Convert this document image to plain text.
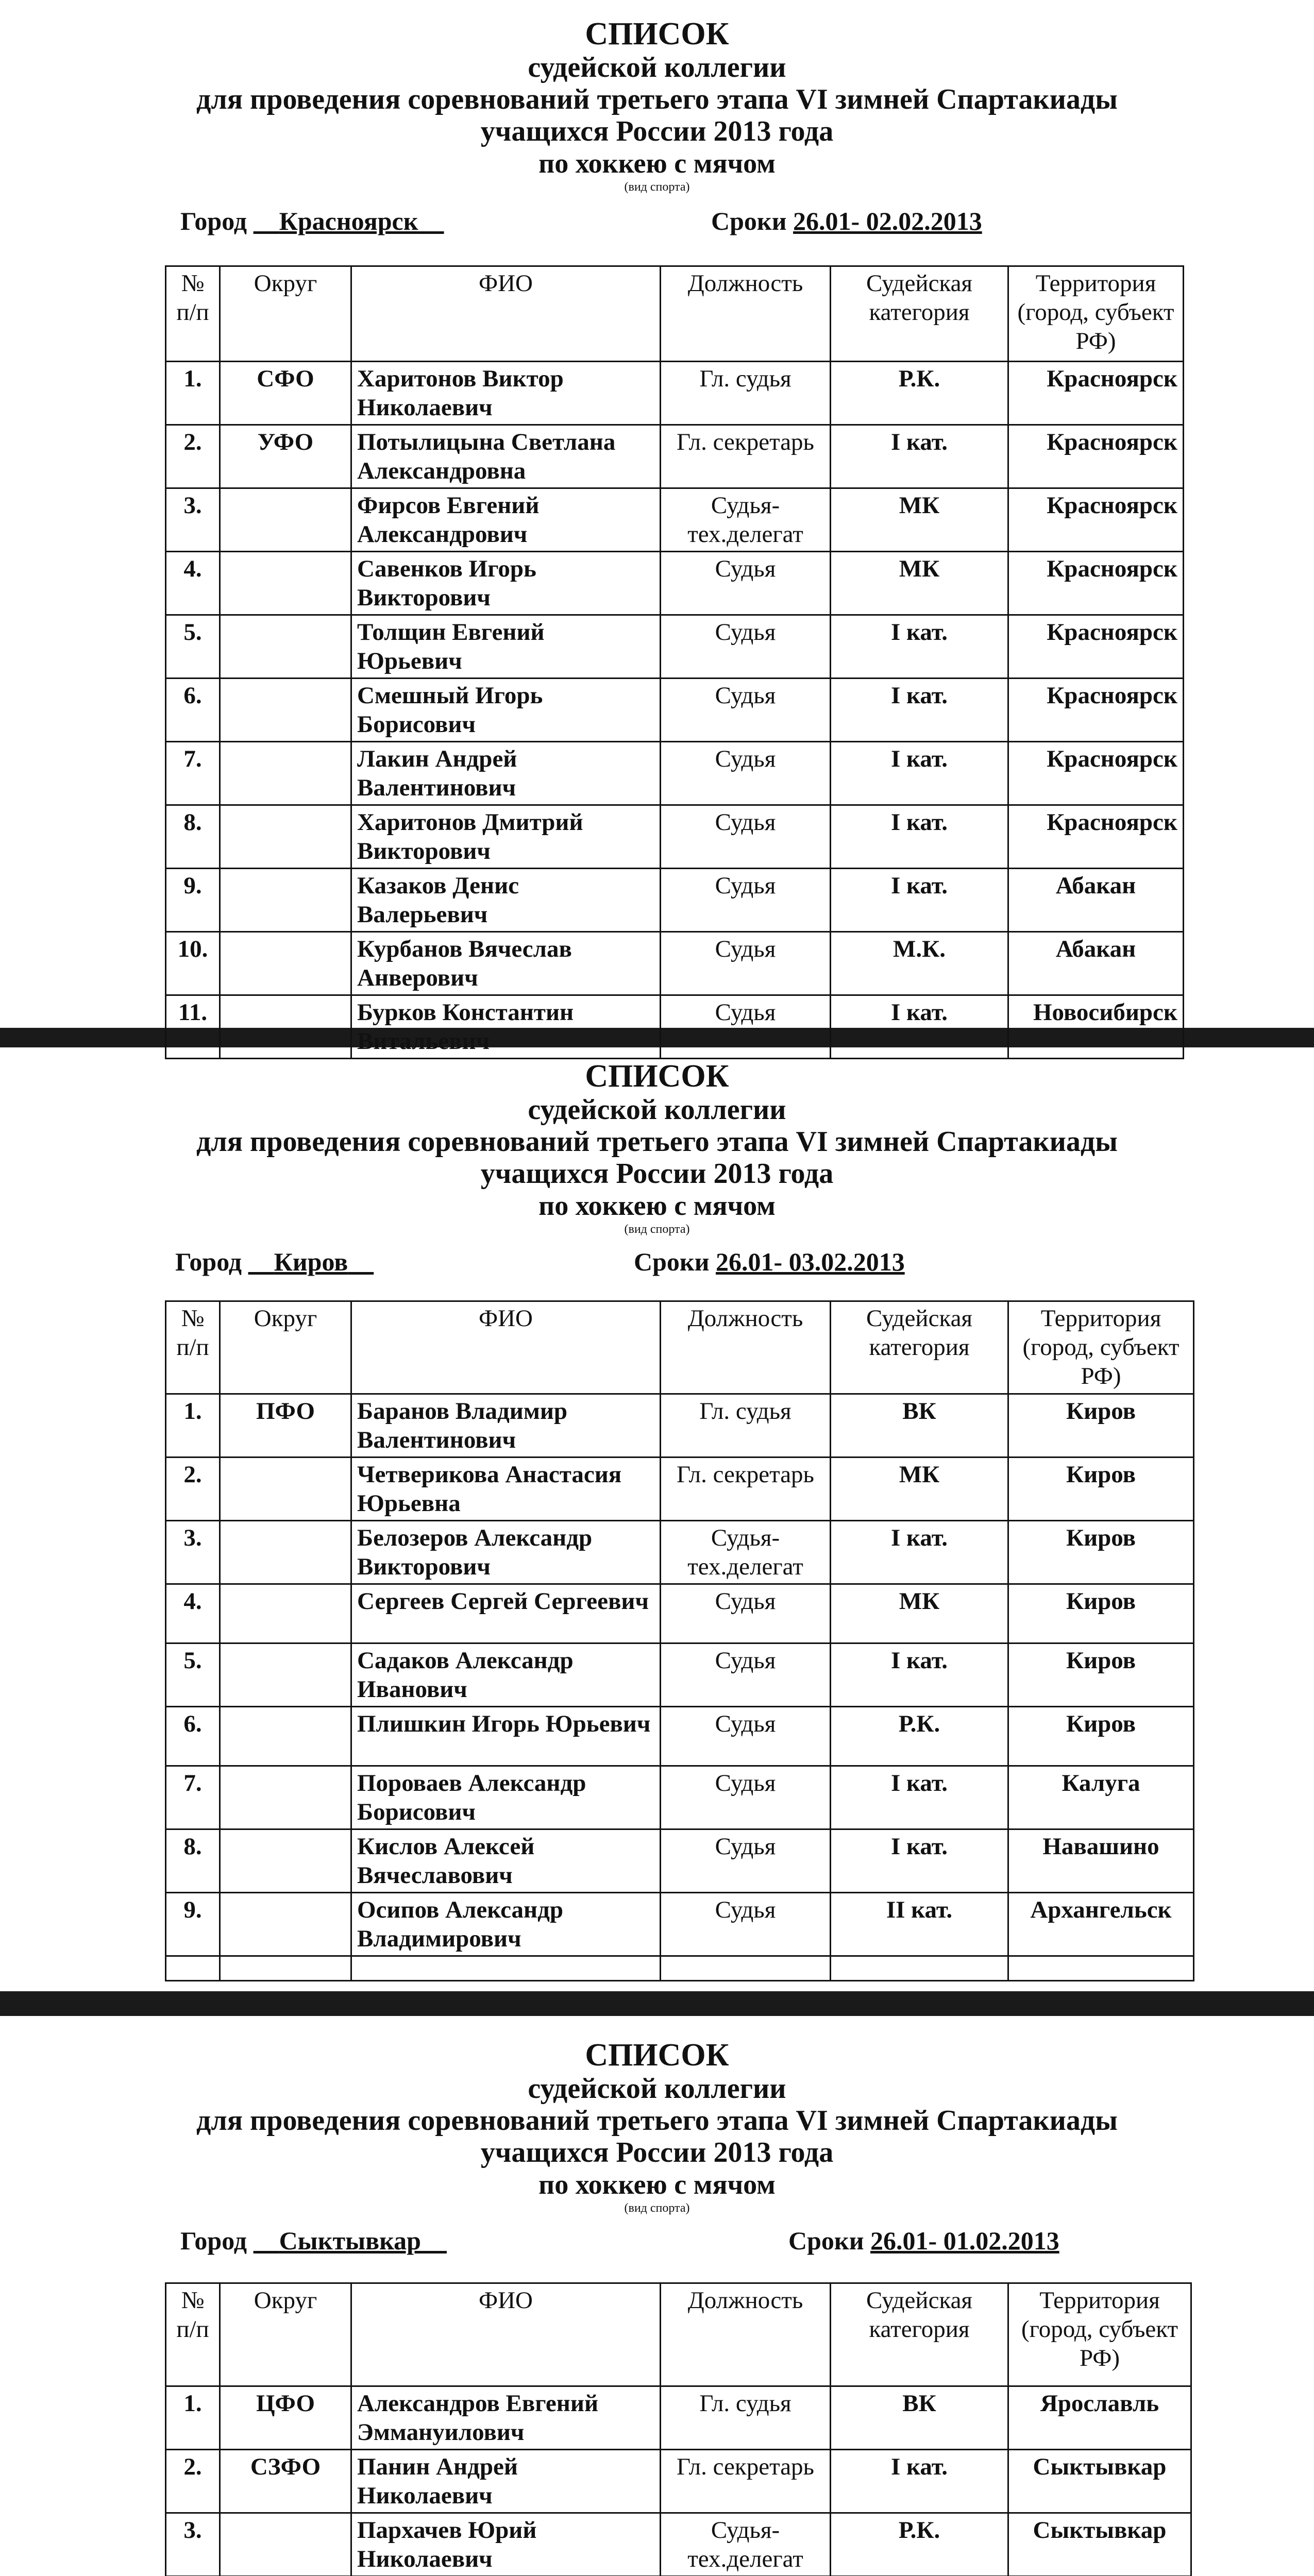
СПИСОК
судейской коллегии
для проведения соревнований третьего этапа VI зимней Спартакиады
учащихся России 2013 года
по хоккею с мячом
(вид спорта)
Город Красноярск	Сроки 26.01- 02.02.2013
№ п/п	Округ	ФИО	Должность	Судейская категория	Территория (город, субъект РФ)
1.	СФО	Харитонов Виктор Николаевич	Гл. судья	Р.К.	Красноярск
2.	УФО	Потылицына Светлана Александровна	Гл. секретарь	I кат.	Красноярск
3.		Фирсов Евгений Александрович	Судья-тех.делегат	МК	Красноярск
4.		Савенков Игорь Викторович	Судья	МК	Красноярск
5.		Толщин Евгений Юрьевич	Судья	I кат.	Красноярск
6.		Смешный Игорь Борисович	Судья	I кат.	Красноярск
7.		Лакин Андрей Валентинович	Судья	I кат.	Красноярск
8.		Харитонов Дмитрий Викторович	Судья	I кат.	Красноярск
9.		Казаков Денис Валерьевич	Судья	I кат.	Абакан
10.		Курбанов Вячеслав Анверович	Судья	М.К.	Абакан
11.		Бурков Константин Витальевич	Судья	I кат.	Новосибирск
СПИСОК
судейской коллегии
для проведения соревнований третьего этапа VI зимней Спартакиады
учащихся России 2013 года
по хоккею с мячом
(вид спорта)
Город Киров	Сроки 26.01- 03.02.2013
№ п/п	Округ	ФИО	Должность	Судейская категория	Территория (город, субъект РФ)
1.	ПФО	Баранов Владимир Валентинович	Гл. судья	ВК	Киров
2.		Четверикова Анастасия Юрьевна	Гл. секретарь	МК	Киров
3.		Белозеров Александр Викторович	Судья-тех.делегат	I кат.	Киров
4.		Сергеев Сергей Сергеевич	Судья	МК	Киров
5.		Садаков Александр Иванович	Судья	I кат.	Киров
6.		Плишкин Игорь Юрьевич	Судья	Р.К.	Киров
7.		Пороваев Александр Борисович	Судья	I кат.	Калуга
8.		Кислов Алексей Вячеславович	Судья	I кат.	Навашино
9.		Осипов Александр Владимирович	Судья	II кат.	Архангельск

СПИСОК
судейской коллегии
для проведения соревнований третьего этапа VI зимней Спартакиады
учащихся России 2013 года
по хоккею с мячом
(вид спорта)
Город Сыктывкар	Сроки 26.01- 01.02.2013
№ п/п	Округ	ФИО	Должность	Судейская категория	Территория (город, субъект РФ)
1.	ЦФО	Александров Евгений Эммануилович	Гл. судья	ВК	Ярославль
2.	СЗФО	Панин Андрей Николаевич	Гл. секретарь	I кат.	Сыктывкар
3.		Пархачев Юрий Николаевич	Судья-тех.делегат	Р.К.	Сыктывкар
